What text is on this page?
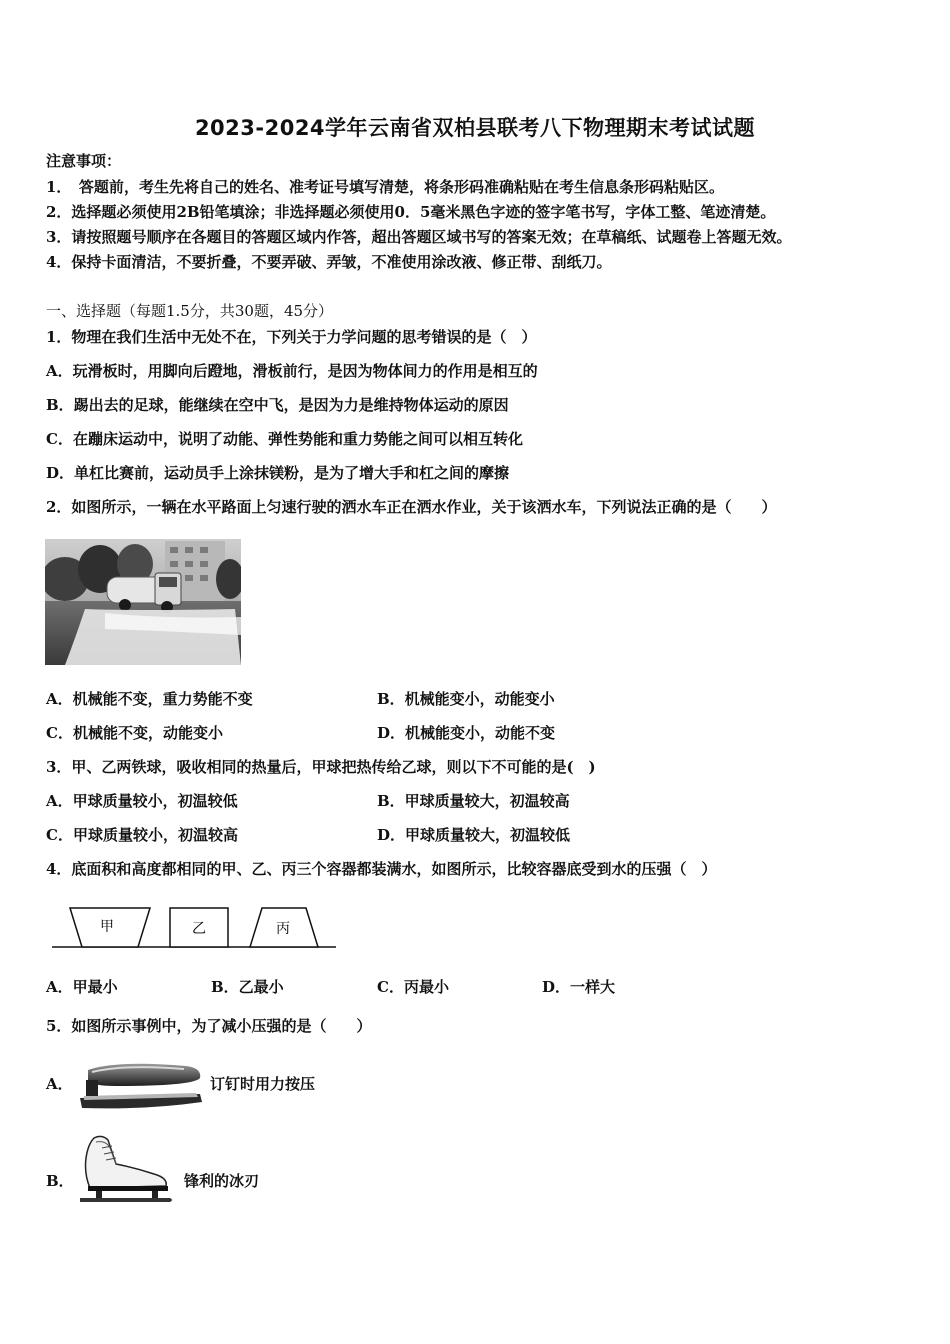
2023-2024学年云南省双柏县联考八下物理期末考试试题
注意事项：
1．　答题前，考生先将自己的姓名、准考证号填写清楚，将条形码准确粘贴在考生信息条形码粘贴区。
2．选择题必须使用2B铅笔填涂；非选择题必须使用0．5毫米黑色字迹的签字笔书写，字体工整、笔迹清楚。
3．请按照题号顺序在各题目的答题区域内作答，超出答题区域书写的答案无效；在草稿纸、试题卷上答题无效。
4．保持卡面清洁，不要折叠，不要弄破、弄皱，不准使用涂改液、修正带、刮纸刀。
一、选择题（每题1.5分，共30题，45分）
1．物理在我们生活中无处不在，下列关于力学问题的思考错误的是（　）
A．玩滑板时，用脚向后蹬地，滑板前行，是因为物体间力的作用是相互的
B．踢出去的足球，能继续在空中飞，是因为力是维持物体运动的原因
C．在蹦床运动中，说明了动能、弹性势能和重力势能之间可以相互转化
D．单杠比赛前，运动员手上涂抹镁粉，是为了增大手和杠之间的摩擦
2．如图所示，一辆在水平路面上匀速行驶的洒水车正在洒水作业，关于该洒水车，下列说法正确的是（　　）
A．机械能不变，重力势能不变	B．机械能变小，动能变小
C．机械能不变，动能变小	D．机械能变小，动能不变
3．甲、乙两铁球，吸收相同的热量后，甲球把热传给乙球，则以下不可能的是(　)
A．甲球质量较小，初温较低	B．甲球质量较大，初温较高
C．甲球质量较小，初温较高	D．甲球质量较大，初温较低
4．底面积和高度都相同的甲、乙、丙三个容器都装满水，如图所示，比较容器底受到水的压强（　）
甲	乙	丙
A．甲最小	B．乙最小	C．丙最小	D．一样大
5．如图所示事例中，为了减小压强的是（　　）
A．	订钉时用力按压
B．	锋利的冰刃
